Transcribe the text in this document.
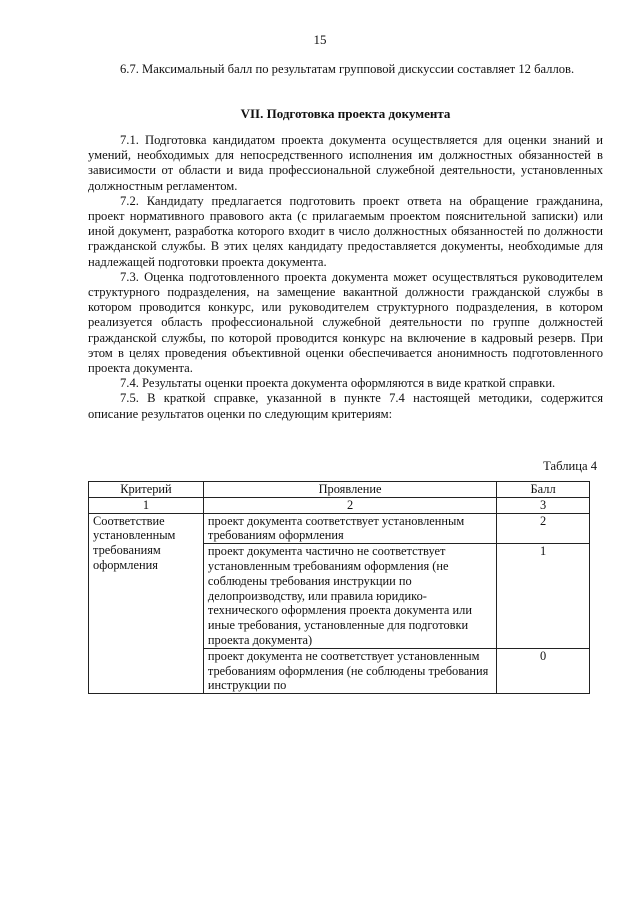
15
6.7. Максимальный балл по результатам групповой дискуссии составляет 12 баллов.
VII. Подготовка проекта документа
7.1. Подготовка кандидатом проекта документа осуществляется для оценки знаний и умений, необходимых для непосредственного исполнения им должностных обязанностей в зависимости от области и вида профессиональной служебной деятельности, установленных должностным регламентом.
7.2. Кандидату предлагается подготовить проект ответа на обращение гражданина, проект нормативного правового акта (с прилагаемым проектом пояснительной записки) или иной документ, разработка которого входит в число должностных обязанностей по должности гражданской службы. В этих целях кандидату предоставляется документы, необходимые для надлежащей подготовки проекта документа.
7.3. Оценка подготовленного проекта документа может осуществляться руководителем структурного подразделения, на замещение вакантной должности гражданской службы в котором проводится конкурс, или руководителем структурного подразделения, в котором реализуется область профессиональной служебной деятельности по группе должностей гражданской службы, по которой проводится конкурс на включение в кадровый резерв. При этом в целях проведения объективной оценки обеспечивается анонимность подготовленного проекта документа.
7.4. Результаты оценки проекта документа оформляются в виде краткой справки.
7.5. В краткой справке, указанной в пункте 7.4 настоящей методики, содержится описание результатов оценки по следующим критериям:
Таблица 4
Критерий	Проявление	Балл
1	2	3
Соответствие установленным требованиям оформления	проект документа соответствует установленным требованиям оформления	2
	проект документа частично не соответствует установленным требованиям оформления (не соблюдены требования инструкции по делопроизводству, или правила юридико-технического оформления проекта документа или иные требования, установленные для подготовки проекта документа)	1
	проект документа не соответствует установленным требованиям оформления (не соблюдены требования инструкции по	0
